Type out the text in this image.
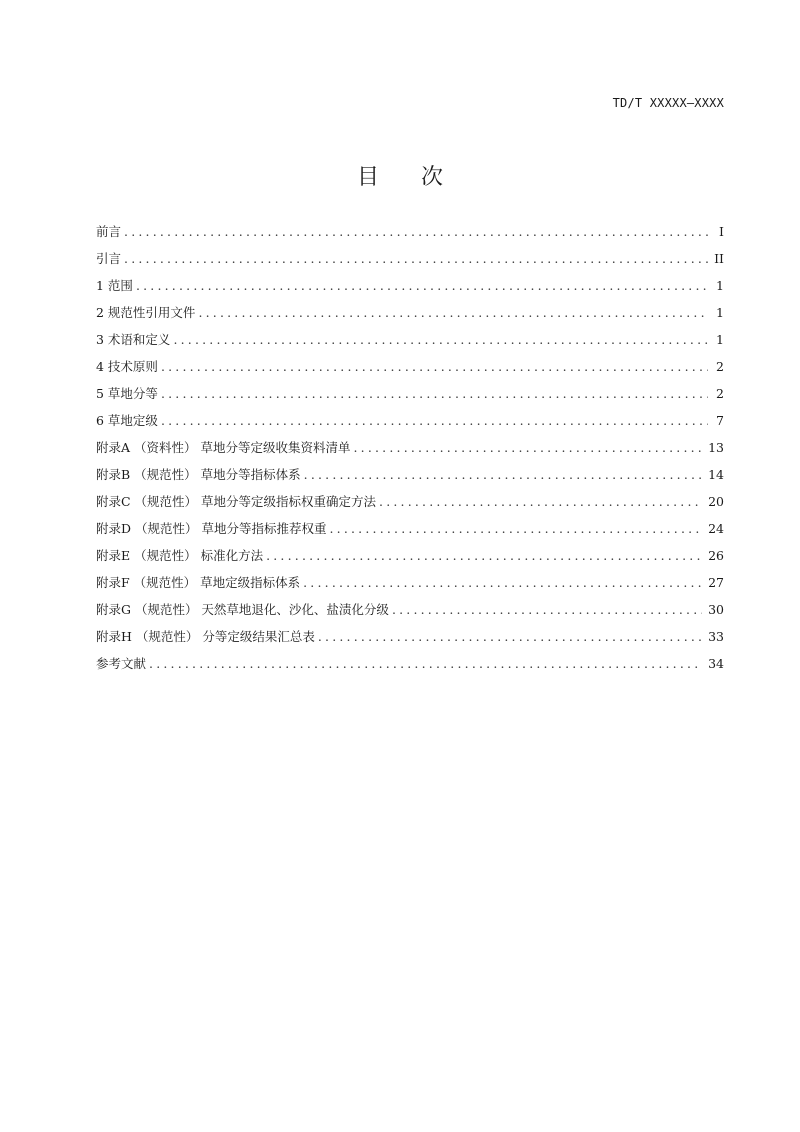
TD/T XXXXX—XXXX
目次
前言 .....	I
引言 .....	II
1 范围 .....	1
2 规范性引用文件 .....	1
3 术语和定义 .....	1
4 技术原则 .....	2
5 草地分等 .....	2
6 草地定级 .....	7
附录A （资料性） 草地分等定级收集资料清单 .....	13
附录B （规范性） 草地分等指标体系 .....	14
附录C （规范性） 草地分等定级指标权重确定方法 .....	20
附录D （规范性） 草地分等指标推荐权重 .....	24
附录E （规范性） 标准化方法 .....	26
附录F （规范性） 草地定级指标体系 .....	27
附录G （规范性） 天然草地退化、沙化、盐渍化分级 .....	30
附录H （规范性） 分等定级结果汇总表 .....	33
参考文献 .....	34
